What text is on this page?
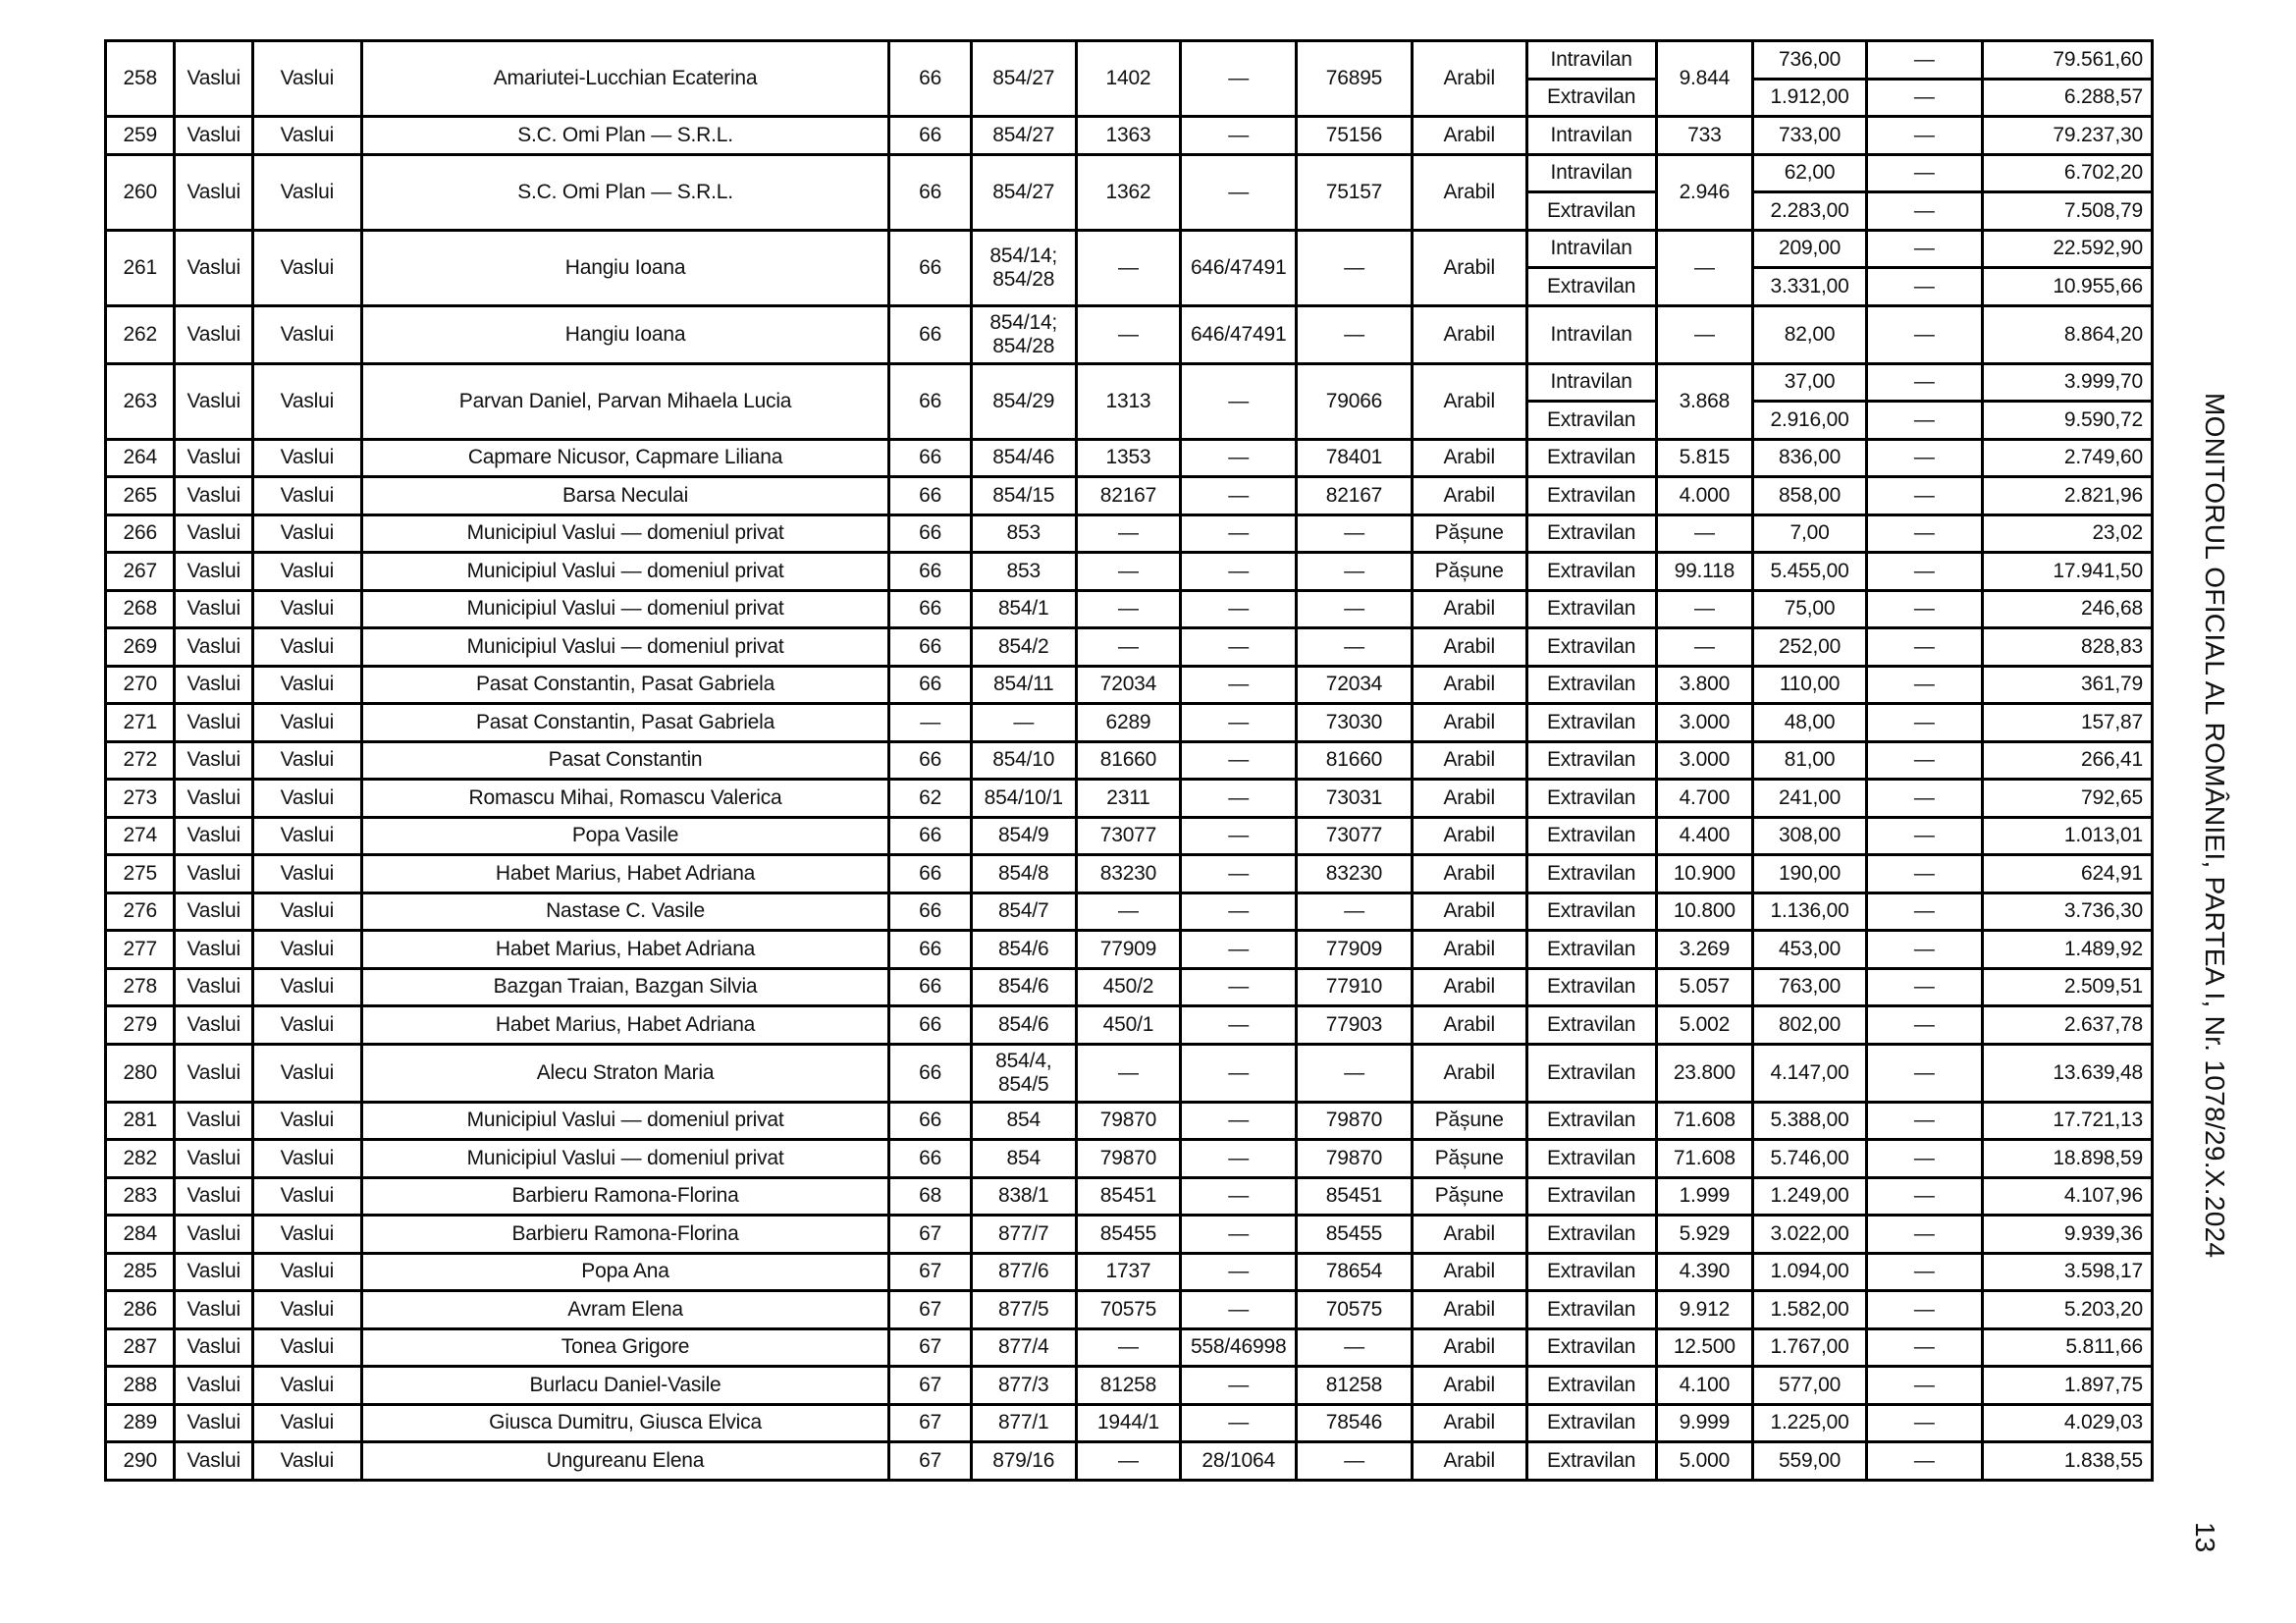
258	Vaslui	Vaslui	Amariutei-Lucchian Ecaterina	66	854/27	1402	—	76895	Arabil	Intravilan	9.844	736,00	—	79.561,60
										Extravilan		1.912,00	—	6.288,57
259	Vaslui	Vaslui	S.C. Omi Plan — S.R.L.	66	854/27	1363	—	75156	Arabil	Intravilan	733	733,00	—	79.237,30
260	Vaslui	Vaslui	S.C. Omi Plan — S.R.L.	66	854/27	1362	—	75157	Arabil	Intravilan	2.946	62,00	—	6.702,20
										Extravilan		2.283,00	—	7.508,79
261	Vaslui	Vaslui	Hangiu Ioana	66	854/14; 854/28	—	646/47491	—	Arabil	Intravilan	—	209,00	—	22.592,90
										Extravilan		3.331,00	—	10.955,66
262	Vaslui	Vaslui	Hangiu Ioana	66	854/14; 854/28	—	646/47491	—	Arabil	Intravilan	—	82,00	—	8.864,20
263	Vaslui	Vaslui	Parvan Daniel, Parvan Mihaela Lucia	66	854/29	1313	—	79066	Arabil	Intravilan	3.868	37,00	—	3.999,70
										Extravilan		2.916,00	—	9.590,72
264	Vaslui	Vaslui	Capmare Nicusor, Capmare Liliana	66	854/46	1353	—	78401	Arabil	Extravilan	5.815	836,00	—	2.749,60
265	Vaslui	Vaslui	Barsa Neculai	66	854/15	82167	—	82167	Arabil	Extravilan	4.000	858,00	—	2.821,96
266	Vaslui	Vaslui	Municipiul Vaslui — domeniul privat	66	853	—	—	—	Pășune	Extravilan	—	7,00	—	23,02
267	Vaslui	Vaslui	Municipiul Vaslui — domeniul privat	66	853	—	—	—	Pășune	Extravilan	99.118	5.455,00	—	17.941,50
268	Vaslui	Vaslui	Municipiul Vaslui — domeniul privat	66	854/1	—	—	—	Arabil	Extravilan	—	75,00	—	246,68
269	Vaslui	Vaslui	Municipiul Vaslui — domeniul privat	66	854/2	—	—	—	Arabil	Extravilan	—	252,00	—	828,83
270	Vaslui	Vaslui	Pasat Constantin, Pasat Gabriela	66	854/11	72034	—	72034	Arabil	Extravilan	3.800	110,00	—	361,79
271	Vaslui	Vaslui	Pasat Constantin, Pasat Gabriela	—	—	6289	—	73030	Arabil	Extravilan	3.000	48,00	—	157,87
272	Vaslui	Vaslui	Pasat Constantin	66	854/10	81660	—	81660	Arabil	Extravilan	3.000	81,00	—	266,41
273	Vaslui	Vaslui	Romascu Mihai, Romascu Valerica	62	854/10/1	2311	—	73031	Arabil	Extravilan	4.700	241,00	—	792,65
274	Vaslui	Vaslui	Popa Vasile	66	854/9	73077	—	73077	Arabil	Extravilan	4.400	308,00	—	1.013,01
275	Vaslui	Vaslui	Habet Marius, Habet Adriana	66	854/8	83230	—	83230	Arabil	Extravilan	10.900	190,00	—	624,91
276	Vaslui	Vaslui	Nastase C. Vasile	66	854/7	—	—	—	Arabil	Extravilan	10.800	1.136,00	—	3.736,30
277	Vaslui	Vaslui	Habet Marius, Habet Adriana	66	854/6	77909	—	77909	Arabil	Extravilan	3.269	453,00	—	1.489,92
278	Vaslui	Vaslui	Bazgan Traian, Bazgan Silvia	66	854/6	450/2	—	77910	Arabil	Extravilan	5.057	763,00	—	2.509,51
279	Vaslui	Vaslui	Habet Marius, Habet Adriana	66	854/6	450/1	—	77903	Arabil	Extravilan	5.002	802,00	—	2.637,78
280	Vaslui	Vaslui	Alecu Straton Maria	66	854/4, 854/5	—	—	—	Arabil	Extravilan	23.800	4.147,00	—	13.639,48
281	Vaslui	Vaslui	Municipiul Vaslui — domeniul privat	66	854	79870	—	79870	Pășune	Extravilan	71.608	5.388,00	—	17.721,13
282	Vaslui	Vaslui	Municipiul Vaslui — domeniul privat	66	854	79870	—	79870	Pășune	Extravilan	71.608	5.746,00	—	18.898,59
283	Vaslui	Vaslui	Barbieru Ramona-Florina	68	838/1	85451	—	85451	Pășune	Extravilan	1.999	1.249,00	—	4.107,96
284	Vaslui	Vaslui	Barbieru Ramona-Florina	67	877/7	85455	—	85455	Arabil	Extravilan	5.929	3.022,00	—	9.939,36
285	Vaslui	Vaslui	Popa Ana	67	877/6	1737	—	78654	Arabil	Extravilan	4.390	1.094,00	—	3.598,17
286	Vaslui	Vaslui	Avram Elena	67	877/5	70575	—	70575	Arabil	Extravilan	9.912	1.582,00	—	5.203,20
287	Vaslui	Vaslui	Tonea Grigore	67	877/4	—	558/46998	—	Arabil	Extravilan	12.500	1.767,00	—	5.811,66
288	Vaslui	Vaslui	Burlacu Daniel-Vasile	67	877/3	81258	—	81258	Arabil	Extravilan	4.100	577,00	—	1.897,75
289	Vaslui	Vaslui	Giusca Dumitru, Giusca Elvica	67	877/1	1944/1	—	78546	Arabil	Extravilan	9.999	1.225,00	—	4.029,03
290	Vaslui	Vaslui	Ungureanu Elena	67	879/16	—	28/1064	—	Arabil	Extravilan	5.000	559,00	—	1.838,55
MONITORUL OFICIAL AL ROMÂNIEI, PARTEA I, Nr. 1078/29.X.2024
13
